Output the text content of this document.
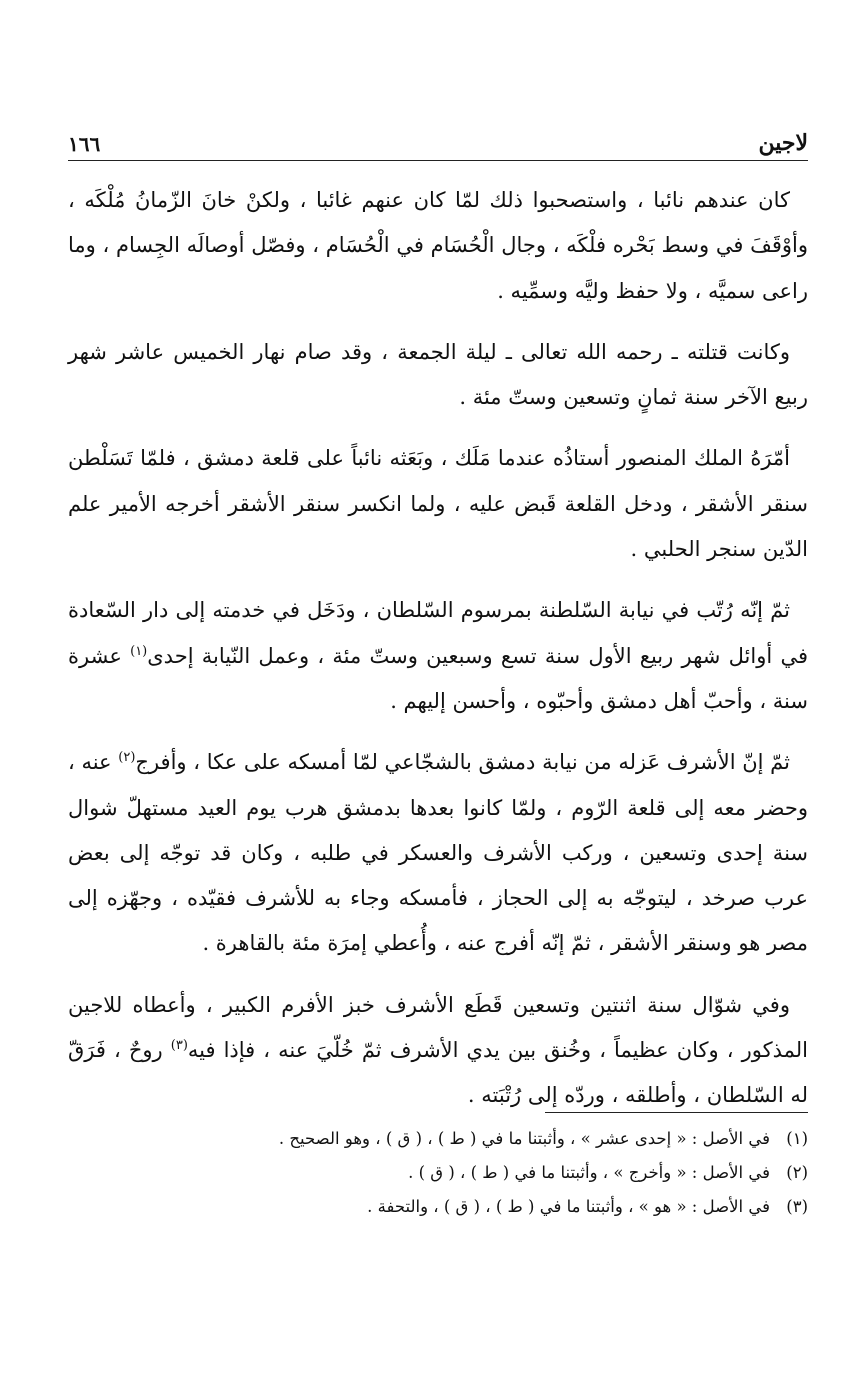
١٦٦	لاجين

كان عندهم نائبا ، واستصحبوا ذلك لمّا كان عنهم غائبا ، ولكنْ خانَ الزّمانُ مُلْكَه ، وأوْقَفَ في وسط بَحْره فلْكَه ، وجال الْحُسَام في الْحُسَام ، وفصّل أوصالَه الجِسام ، وما راعى سميَّه ، ولا حفظ وليَّه وسمِّيه .

وكانت قتلته ـ رحمه الله تعالى ـ ليلة الجمعة ، وقد صام نهار الخميس عاشر شهر ربيع الآخر سنة ثمانٍ وتسعين وستّ مئة .

أمّرَهُ الملك المنصور أستاذُه عندما مَلَك ، وبَعَثه نائباً على قلعة دمشق ، فلمّا تَسَلْطن سنقر الأشقر ، ودخل القلعة قَبض عليه ، ولما انكسر سنقر الأشقر أخرجه الأمير علم الدّين سنجر الحلبي .

ثمّ إنّه رُتّب في نيابة السّلطنة بمرسوم السّلطان ، ودَخَل في خدمته إلى دار السّعادة في أوائل شهر ربيع الأول سنة تسع وسبعين وستّ مئة ، وعمل النّيابة إحدى$^{(١)}$ عشرة سنة ، وأحبّ أهل دمشق وأحبّوه ، وأحسن إليهم .

ثمّ إنّ الأشرف عَزله من نيابة دمشق بالشجّاعي لمّا أمسكه على عكا ، وأفرج$^{(٢)}$ عنه ، وحضر معه إلى قلعة الرّوم ، ولمّا كانوا بعدها بدمشق هرب يوم العيد مستهلّ شوال سنة إحدى وتسعين ، وركب الأشرف والعسكر في طلبه ، وكان قد توجّه إلى بعض عرب صرخد ، ليتوجّه به إلى الحجاز ، فأمسكه وجاء به للأشرف فقيّده ، وجهّزه إلى مصر هو وسنقر الأشقر ، ثمّ إنّه أفرج عنه ، وأُعطي إمرَة مئة بالقاهرة .

وفي شوّال سنة اثنتين وتسعين قَطَع الأشرف خبز الأفرم الكبير ، وأعطاه للاجين المذكور ، وكان عظيماً ، وخُنق بين يدي الأشرف ثمّ خُلّيَ عنه ، فإذا فيه$^{(٣)}$ روحٌ ، فَرَقّ له السّلطان ، وأطلقه ، وردّه إلى رُتْبَته .

(١)
في الأصل : « إحدى عشر » ، وأثبتنا ما في ( ط ) ، ( ق ) ، وهو الصحيح .
(٢)
في الأصل : « وأخرج » ، وأثبتنا ما في ( ط ) ، ( ق ) .
(٣)
في الأصل : « هو » ، وأثبتنا ما في ( ط ) ، ( ق ) ، والتحفة .
